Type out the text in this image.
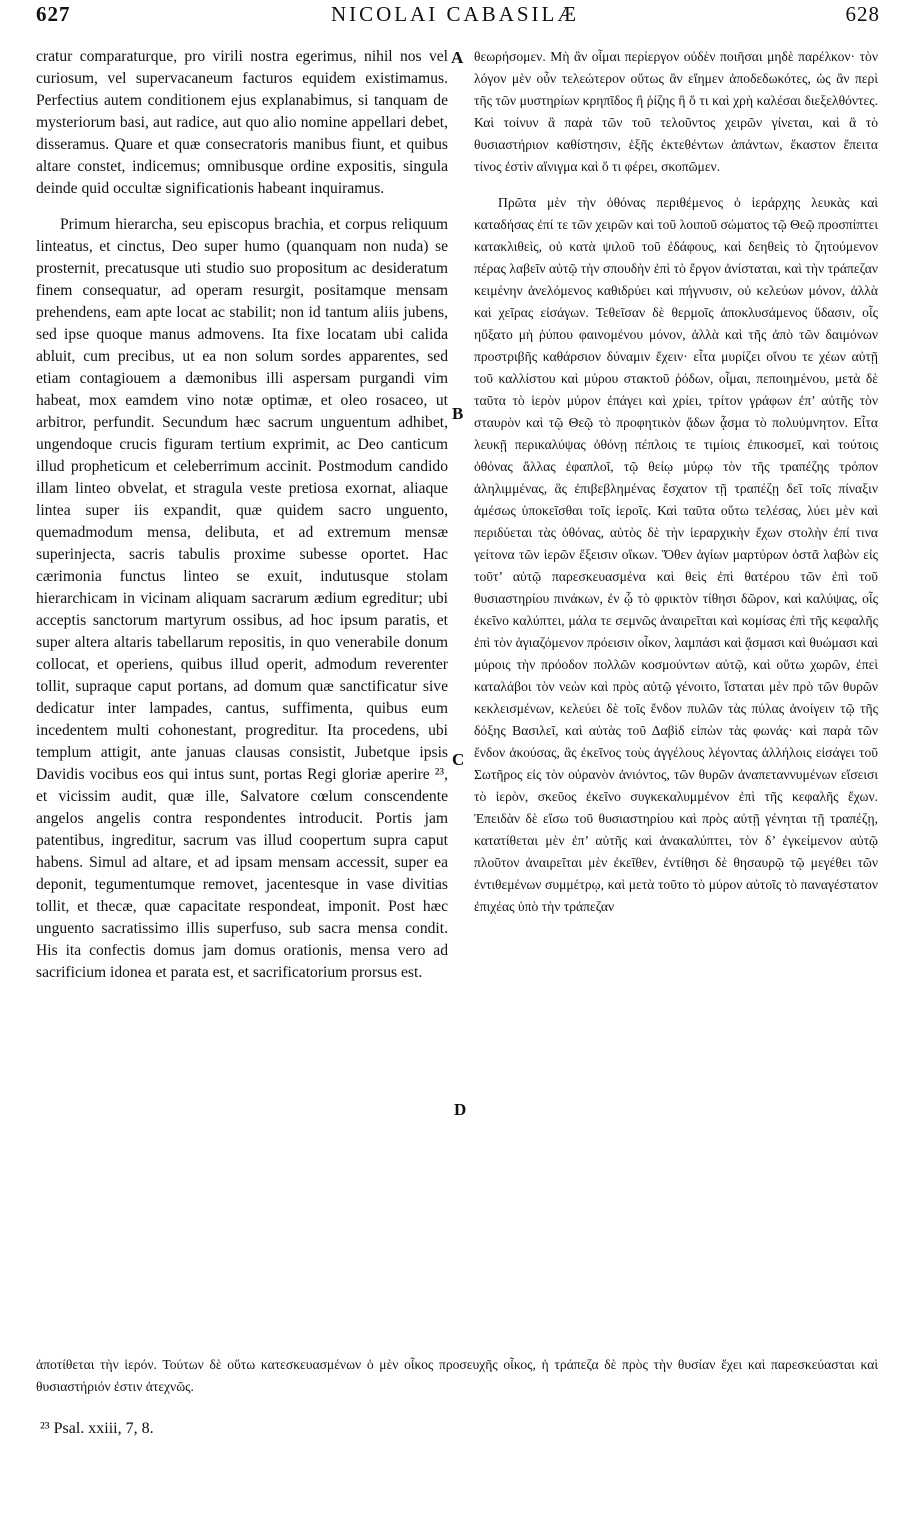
627	NICOLAI CABASILÆ	628

cratur comparaturque, pro virili nostra egerimus, nihil nos vel curiosum, vel supervacaneum facturos equidem existimamus. Perfectius autem conditionem ejus explanabimus, si tanquam de mysteriorum basi, aut radice, aut quo alio nomine appellari debet, disseramus. Quare et quæ consecratoris manibus fiunt, et quibus altare constet, indicemus; omnibusque ordine expositis, singula deinde quid occultæ significationis habeant inquiramus.

Primum hierarcha, seu episcopus brachia, et corpus reliquum linteatus, et cinctus, Deo super humo (quanquam non nuda) se prosternit, precatusque uti studio suo propositum ac desideratum finem consequatur, ad operam resurgit, positamque mensam prehendens, eam apte locat ac stabilit; non id tantum aliis jubens, sed ipse quoque manus admovens. Ita fixe locatam ubi calida abluit, cum precibus, ut ea non solum sordes apparentes, sed etiam contagiouem a dæmonibus illi aspersam purgandi vim habeat, mox eamdem vino notæ optimæ, et oleo rosaceo, ut arbitror, perfundit. Secundum hæc sacrum unguentum adhibet, ungendoque crucis figuram tertium exprimit, ac Deo canticum illud propheticum et celeberrimum accinit. Postmodum candido illam linteo obvelat, et stragula veste pretiosa exornat, aliaque lintea super iis expandit, quæ quidem sacro unguento, quemadmodum mensa, delibuta, et ad extremum mensæ superinjecta, sacris tabulis proxime subesse oportet. Hac cærimonia functus linteo se exuit, indutusque stolam hierarchicam in vicinam aliquam sacrarum ædium egreditur; ubi acceptis sanctorum martyrum ossibus, ad hoc ipsum paratis, et super altera altaris tabellarum repositis, in quo venerabile donum collocat, et operiens, quibus illud operit, admodum reverenter tollit, supraque caput portans, ad domum quæ sanctificatur sive dedicatur inter lampades, cantus, suffimenta, quibus eum incedentem multi cohonestant, progreditur. Ita procedens, ubi templum attigit, ante januas clausas consistit, Jubetque ipsis Davidis vocibus eos qui intus sunt, portas Regi gloriæ aperire ²³, et vicissim audit, quæ ille, Salvatore cœlum conscendente angelos angelis contra respondentes introducit. Portis jam patentibus, ingreditur, sacrum vas illud coopertum supra caput habens. Simul ad altare, et ad ipsam mensam accessit, super ea deponit, tegumentumque removet, jacentesque in vase divitias tollit, et thecæ, quæ capacitate respondeat, imponit. Post hæc unguento sacratissimo illis superfuso, sub sacra mensa condit. His ita confectis domus jam domus orationis, mensa vero ad sacrificium idonea et parata est, et sacrificatorium prorsus est.

θεωρήσομεν. Μὴ ἂν οἶμαι περίεργον οὐδὲν ποιῆσαι μηδὲ παρέλκον· τὸν λόγον μὲν οὖν τελεώτερον οὕτως ἂν εἴημεν ἀποδεδωκότες, ὡς ἂν περὶ τῆς τῶν μυστηρίων κρηπῖδος ἢ ῥίζης ἢ ὅ τι καὶ χρὴ καλέσαι διεξελθόντες. Καὶ τοίνυν ἃ παρὰ τῶν τοῦ τελοῦντος χειρῶν γίνεται, καὶ ἃ τὸ θυσιαστήριον καθίστησιν, ἑξῆς ἐκτεθέντων ἁπάντων, ἕκαστον ἔπειτα τίνος ἐστὶν αἴνιγμα καὶ ὅ τι φέρει, σκοπῶμεν.

Πρῶτα μὲν τὴν ὀθόνας περιθέμενος ὁ ἱεράρχης λευκὰς καὶ καταδήσας ἐπί τε τῶν χειρῶν καὶ τοῦ λοιποῦ σώματος τῷ Θεῷ προσπίπτει κατακλιθεὶς, οὐ κατὰ ψιλοῦ τοῦ ἐδάφους, καὶ δεηθεὶς τὸ ζητούμενον πέρας λαβεῖν αὐτῷ τὴν σπουδὴν ἐπὶ τὸ ἔργον ἀνίσταται, καὶ τὴν τράπεζαν κειμένην ἀνελόμενος καθιδρύει καὶ πήγνυσιν, οὐ κελεύων μόνον, ἀλλὰ καὶ χεῖρας εἰσάγων. Τεθεῖσαν δὲ θερμοῖς ἀποκλυσάμενος ὕδασιν, οἷς ηὔξατο μὴ ῥύπου φαινομένου μόνον, ἀλλὰ καὶ τῆς ἀπὸ τῶν δαιμόνων προστριβῆς καθάρσιον δύναμιν ἔχειν· εἶτα μυρίζει οἴνου τε χέων αὐτῇ τοῦ καλλίστου καὶ μύρου στακτοῦ ῥόδων, οἶμαι, πεποιημένου, μετὰ δὲ ταῦτα τὸ ἱερὸν μύρον ἐπάγει καὶ χρίει, τρίτον γράφων ἐπ’ αὐτῆς τὸν σταυρὸν καὶ τῷ Θεῷ τὸ προφητικὸν ᾄδων ᾆσμα τὸ πολυύμνητον. Εἶτα λευκῇ περικαλύψας ὀθόνῃ πέπλοις τε τιμίοις ἐπικοσμεῖ, καὶ τούτοις ὀθόνας ἄλλας ἐφαπλοῖ, τῷ θείῳ μύρῳ τὸν τῆς τραπέζης τρόπον ἀληλιμμένας, ἃς ἐπιβεβλημένας ἔσχατον τῇ τραπέζῃ δεῖ τοῖς πίναξιν ἀμέσως ὑποκεῖσθαι τοῖς ἱεροῖς. Καὶ ταῦτα οὕτω τελέσας, λύει μὲν καὶ περιδύεται τὰς ὀθόνας, αὐτὸς δὲ τὴν ἱεραρχικὴν ἔχων στολὴν ἐπί τινα γείτονα τῶν ἱερῶν ἔξεισιν οἴκων. Ὅθεν ἁγίων μαρτύρων ὀστᾶ λαβὼν εἰς τοῦτ’ αὐτῷ παρεσκευασμένα καὶ θεὶς ἐπὶ θατέρου τῶν ἐπὶ τοῦ θυσιαστηρίου πινάκων, ἐν ᾧ τὸ φρικτὸν τίθησι δῶρον, καὶ καλύψας, οἷς ἐκεῖνο καλύπτει, μάλα τε σεμνῶς ἀναιρεῖται καὶ κομίσας ἐπὶ τῆς κεφαλῆς ἐπὶ τὸν ἁγιαζόμενον πρόεισιν οἶκον, λαμπάσι καὶ ᾄσμασι καὶ θυώμασι καὶ μύροις τὴν πρόοδον πολλῶν κοσμούντων αὐτῷ, καὶ οὕτω χωρῶν, ἐπεὶ καταλάβοι τὸν νεὼν καὶ πρὸς αὐτῷ γένοιτο, ἵσταται μὲν πρὸ τῶν θυρῶν κεκλεισμένων, κελεύει δὲ τοῖς ἔνδον πυλῶν τὰς πύλας ἀνοίγειν τῷ τῆς δόξης Βασιλεῖ, καὶ αὐτὰς τοῦ Δαβὶδ εἰπὼν τὰς φωνάς· καὶ παρὰ τῶν ἔνδον ἀκούσας, ἃς ἐκεῖνος τοὺς ἀγγέλους λέγοντας ἀλλήλοις εἰσάγει τοῦ Σωτῆρος εἰς τὸν οὐρανὸν ἀνιόντος, τῶν θυρῶν ἀναπεταννυμένων εἴσεισι τὸ ἱερὸν, σκεῦος ἐκεῖνο συγκεκαλυμμένον ἐπὶ τῆς κεφαλῆς ἔχων. Ἐπειδὰν δὲ εἴσω τοῦ θυσιαστηρίου καὶ πρὸς αὐτῇ γένηται τῇ τραπέζῃ, κατατίθεται μὲν ἐπ’ αὐτῆς καὶ ἀνακαλύπτει, τὸν δ’ ἐγκείμενον αὐτῷ πλοῦτον ἀναιρεῖται μὲν ἐκεῖθεν, ἐντίθησι δὲ θησαυρῷ τῷ μεγέθει τῶν ἐντιθεμένων συμμέτρῳ, καὶ μετὰ τοῦτο τὸ μύρον αὐτοῖς τὸ παναγέστατον ἐπιχέας ὑπὸ τὴν τράπεζαν

A
B
C
D
ἀποτίθεται τὴν ἱερόν. Τούτων δὲ οὕτω κατεσκευασμένων ὁ μὲν οἶκος προσευχῆς οἶκος, ἡ τράπεζα δὲ πρὸς τὴν θυσίαν ἔχει καὶ παρεσκεύασται καὶ θυσιαστήριόν ἐστιν ἀτεχνῶς.
²³ Psal. xxiii, 7, 8.
